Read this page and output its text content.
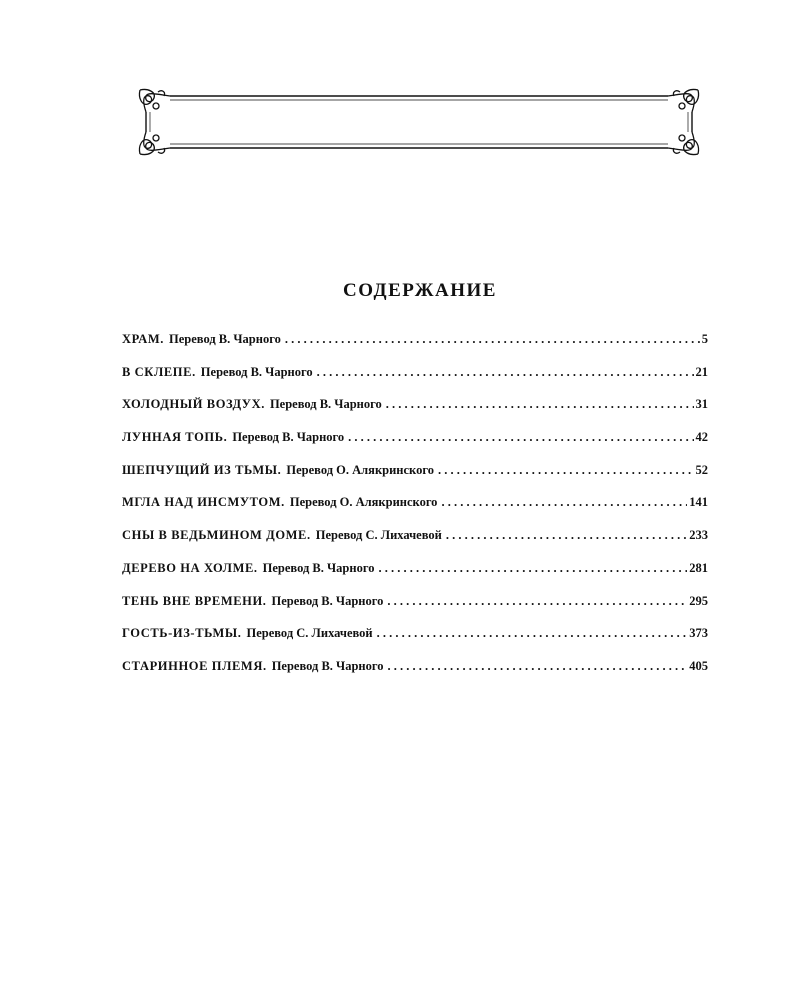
СОДЕРЖАНИЕ
ХРАМ. Перевод В. Чарного . . .	5
В СКЛЕПЕ. Перевод В. Чарного . . .	21
ХОЛОДНЫЙ ВОЗДУХ. Перевод В. Чарного . . .	31
ЛУННАЯ ТОПЬ. Перевод В. Чарного . . .	42
ШЕПЧУЩИЙ ИЗ ТЬМЫ. Перевод О. Алякринского . . .	52
МГЛА НАД ИНСМУТОМ. Перевод О. Алякринского . . .	141
СНЫ В ВЕДЬМИНОМ ДОМЕ. Перевод С. Лихачевой . . .	233
ДЕРЕВО НА ХОЛМЕ. Перевод В. Чарного . . .	281
ТЕНЬ ВНЕ ВРЕМЕНИ. Перевод В. Чарного . . .	295
ГОСТЬ-ИЗ-ТЬМЫ. Перевод С. Лихачевой . . .	373
СТАРИННОЕ ПЛЕМЯ. Перевод В. Чарного . . .	405
